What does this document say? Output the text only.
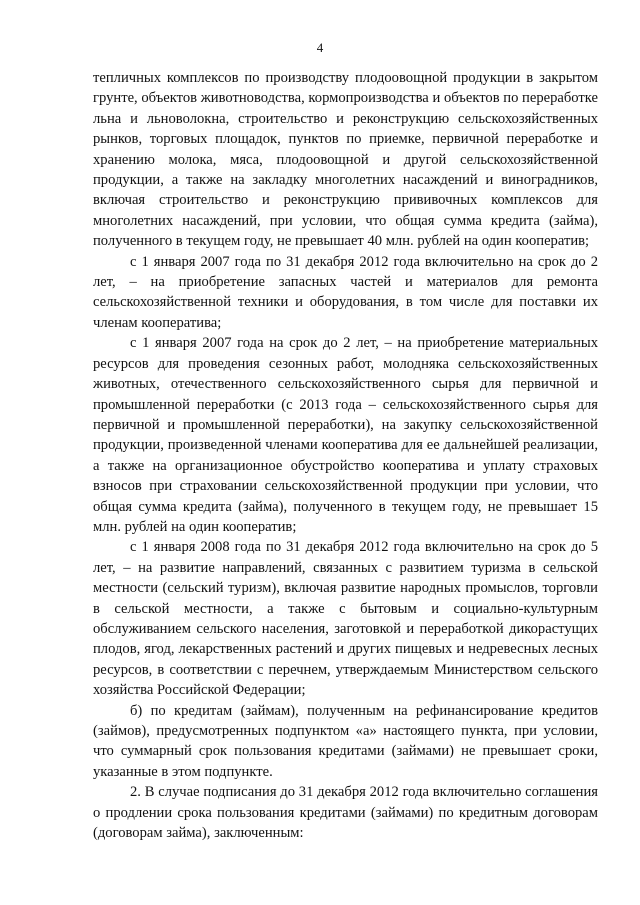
4

тепличных комплексов по производству плодоовощной продукции в закрытом грунте, объектов животноводства, кормопроизводства и объектов по переработке льна и льноволокна, строительство и реконструкцию сельскохозяйственных рынков, торговых площадок, пунктов по приемке, первичной переработке и хранению молока, мяса, плодоовощной и другой сельскохозяйственной продукции, а также на закладку многолетних насаждений и виноградников, включая строительство и реконструкцию прививочных комплексов для многолетних насаждений, при условии, что общая сумма кредита (займа), полученного в текущем году, не превышает 40 млн. рублей на один кооператив;

с 1 января 2007 года по 31 декабря 2012 года включительно на срок до 2 лет, – на приобретение запасных частей и материалов для ремонта сельскохозяйственной техники и оборудования, в том числе для поставки их членам кооператива;

с 1 января 2007 года на срок до 2 лет, – на приобретение материальных ресурсов для проведения сезонных работ, молодняка сельскохозяйственных животных, отечественного сельскохозяйственного сырья для первичной и промышленной переработки (с 2013 года – сельскохозяйственного сырья для первичной и промышленной переработки), на закупку сельскохозяйственной продукции, произведенной членами кооператива для ее дальнейшей реализации, а также на организационное обустройство кооператива и уплату страховых взносов при страховании сельскохозяйственной продукции при условии, что общая сумма кредита (займа), полученного в текущем году, не превышает 15 млн. рублей на один кооператив;

с 1 января 2008 года по 31 декабря 2012 года включительно на срок до 5 лет, – на развитие направлений, связанных с развитием туризма в сельской местности (сельский туризм), включая развитие народных промыслов, торговли в сельской местности, а также с бытовым и социально-культурным обслуживанием сельского населения, заготовкой и переработкой дикорастущих плодов, ягод, лекарственных растений и других пищевых и недревесных лесных ресурсов, в соответствии с перечнем, утверждаемым Министерством сельского хозяйства Российской Федерации;

б) по кредитам (займам), полученным на рефинансирование кредитов (займов), предусмотренных подпунктом «а» настоящего пункта, при условии, что суммарный срок пользования кредитами (займами) не превышает сроки, указанные в этом подпункте.

2. В случае подписания до 31 декабря 2012 года включительно соглашения о продлении срока пользования кредитами (займами) по кредитным договорам (договорам займа), заключенным:
